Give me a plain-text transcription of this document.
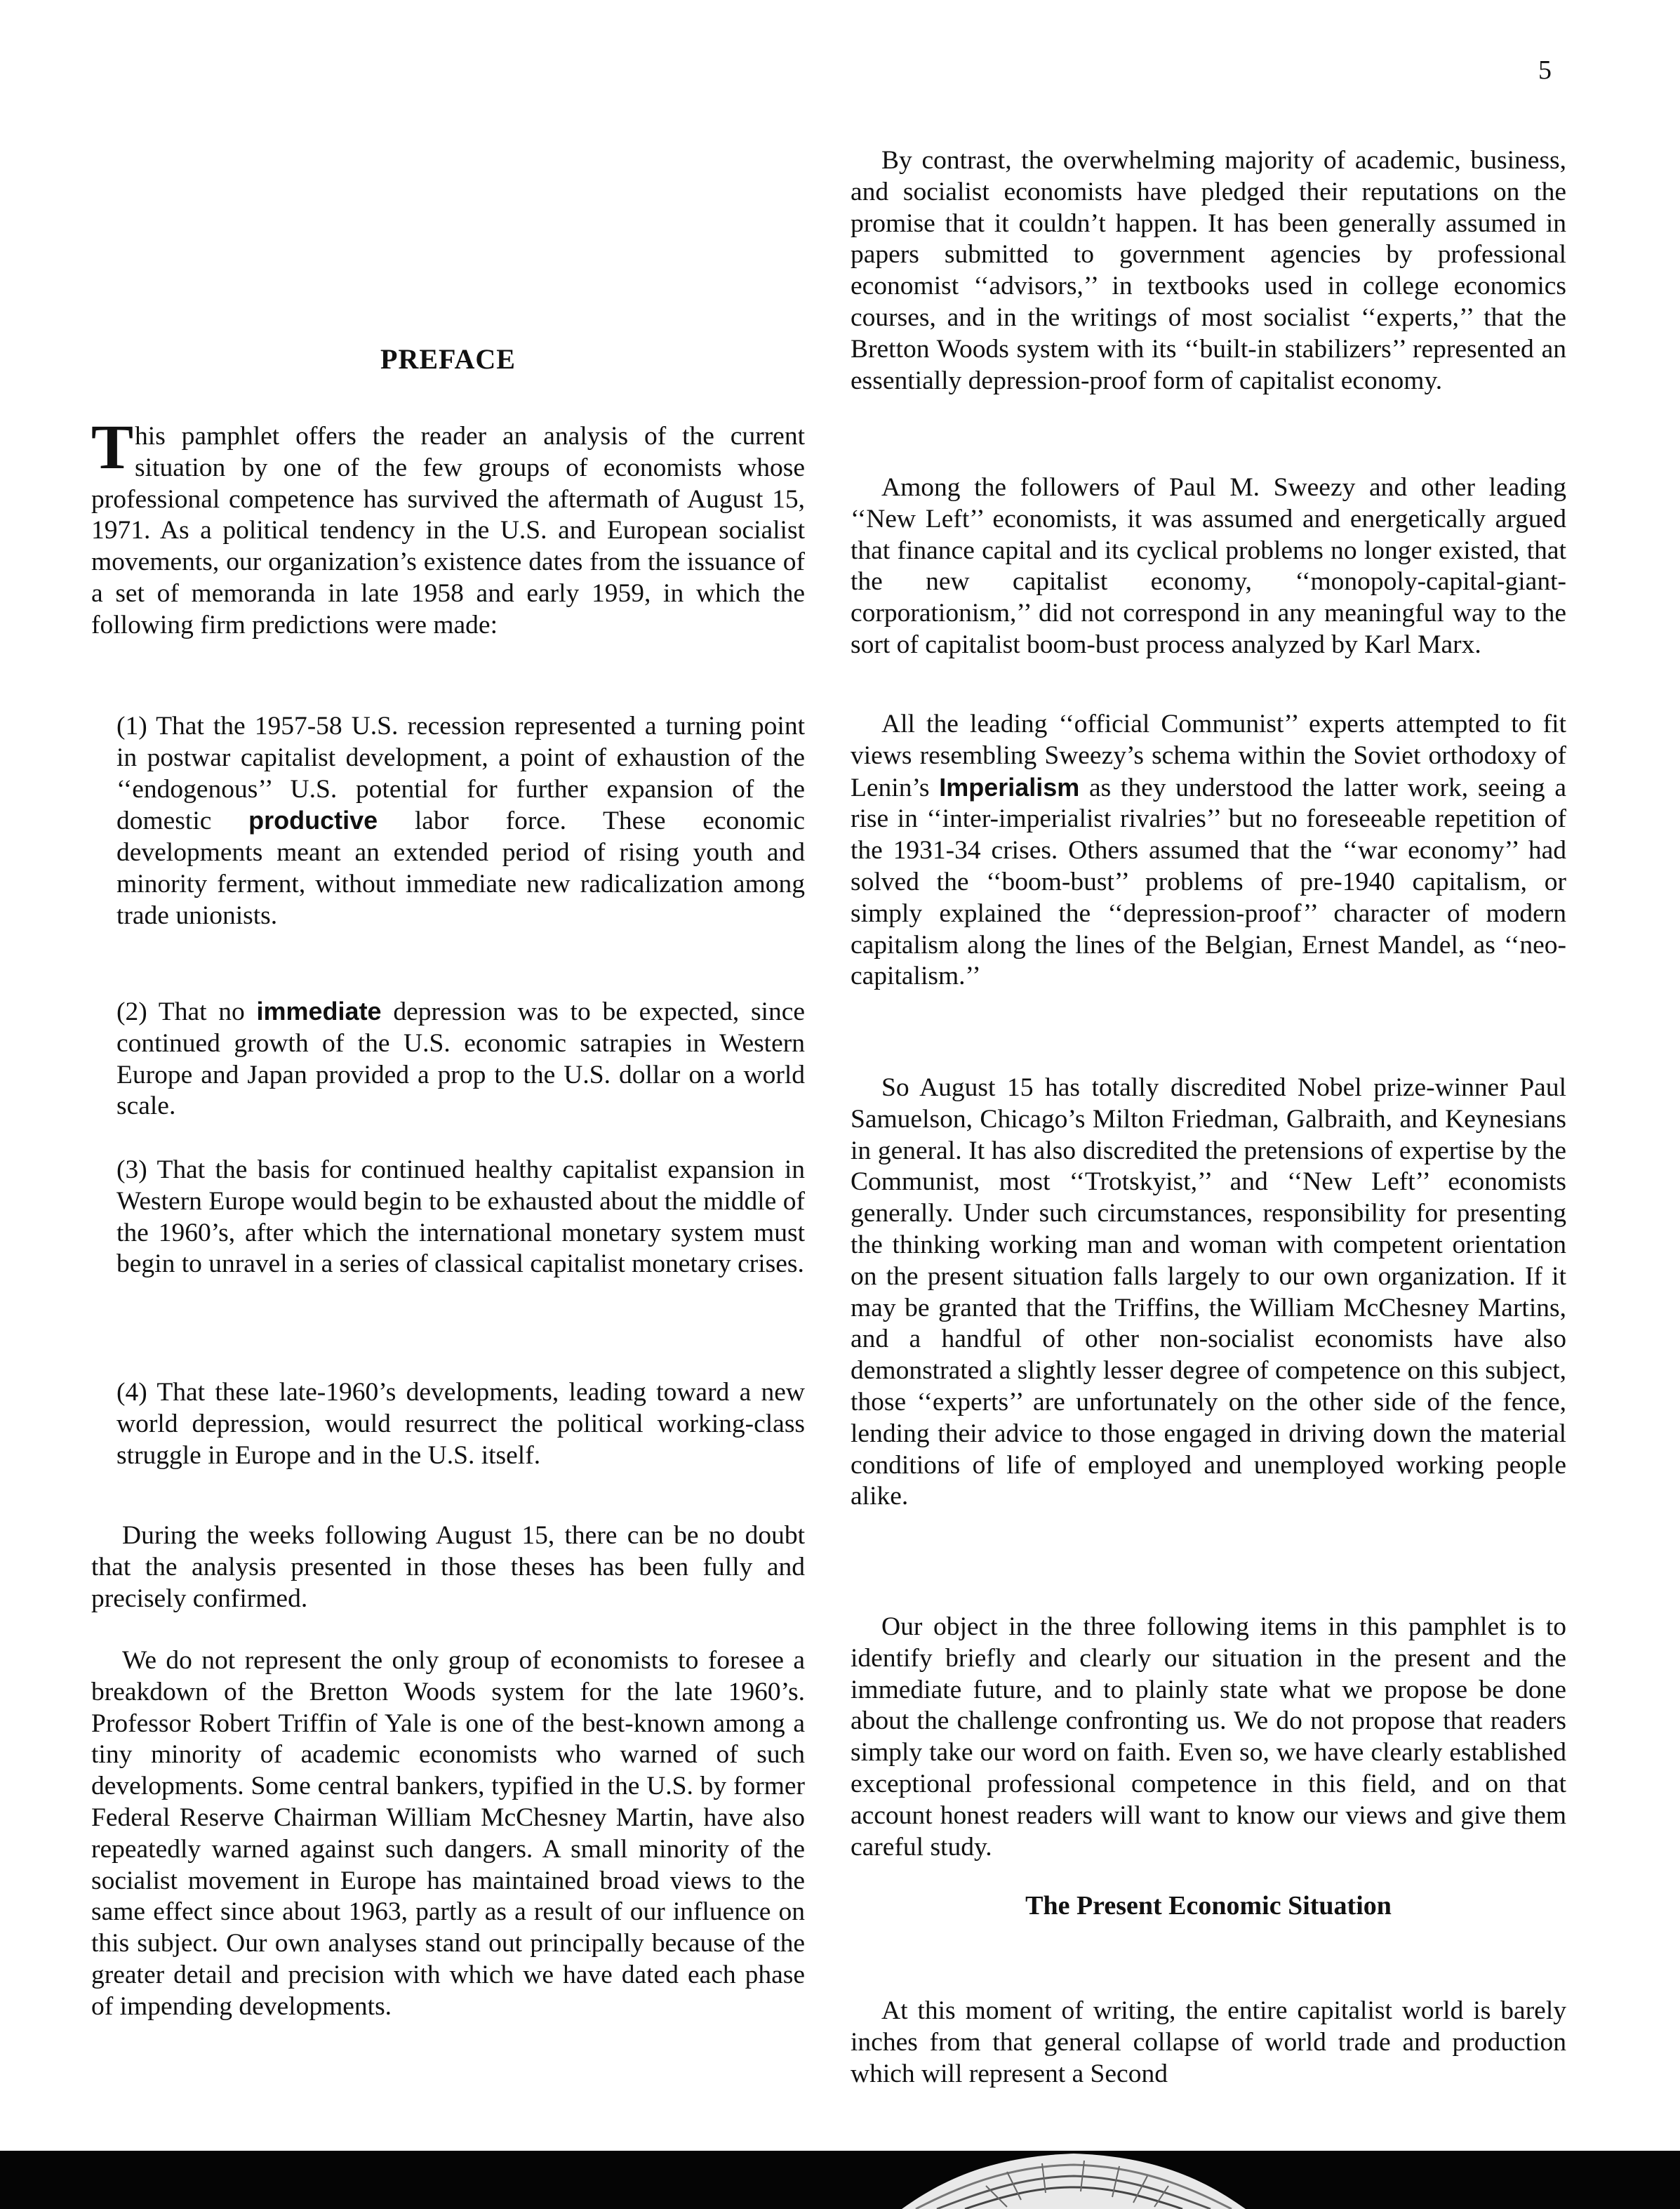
5
PREFACE

This pamphlet offers the reader an analysis of the current situation by one of the few groups of economists whose professional competence has survived the aftermath of August 15, 1971. As a political tendency in the U.S. and European socialist movements, our organization’s existence dates from the issuance of a set of memoranda in late 1958 and early 1959, in which the following firm predictions were made:

(1) That the 1957-58 U.S. recession represented a turning point in postwar capitalist development, a point of exhaustion of the ‘‘endogenous’’ U.S. potential for further expansion of the domestic productive labor force. These economic developments meant an extended period of rising youth and minority ferment, without immediate new radicalization among trade unionists.

(2) That no immediate depression was to be expected, since continued growth of the U.S. economic satrapies in Western Europe and Japan provided a prop to the U.S. dollar on a world scale.

(3) That the basis for continued healthy capitalist expansion in Western Europe would begin to be exhausted about the middle of the 1960’s, after which the international monetary system must begin to unravel in a series of classical capitalist monetary crises.

(4) That these late-1960’s developments, leading toward a new world depression, would resurrect the political working-class struggle in Europe and in the U.S. itself.

During the weeks following August 15, there can be no doubt that the analysis presented in those theses has been fully and precisely confirmed.

We do not represent the only group of economists to foresee a breakdown of the Bretton Woods system for the late 1960’s. Professor Robert Triffin of Yale is one of the best-known among a tiny minority of academic economists who warned of such developments. Some central bankers, typified in the U.S. by former Federal Reserve Chairman William McChesney Martin, have also repeatedly warned against such dangers. A small minority of the socialist movement in Europe has maintained broad views to the same effect since about 1963, partly as a result of our influence on this subject. Our own analyses stand out principally because of the greater detail and precision with which we have dated each phase of impending developments.

By contrast, the overwhelming majority of academic, business, and socialist economists have pledged their reputations on the promise that it couldn’t happen. It has been generally assumed in papers submitted to government agencies by professional economist ‘‘advisors,’’ in textbooks used in college economics courses, and in the writings of most socialist ‘‘experts,’’ that the Bretton Woods system with its ‘‘built-in stabilizers’’ represented an essentially depression-proof form of capitalist economy.

Among the followers of Paul M. Sweezy and other leading ‘‘New Left’’ economists, it was assumed and energetically argued that finance capital and its cyclical problems no longer existed, that the new capitalist economy, ‘‘monopoly-capital-giant-corporationism,’’ did not correspond in any meaningful way to the sort of capitalist boom-bust process analyzed by Karl Marx.

All the leading ‘‘official Communist’’ experts attempted to fit views resembling Sweezy’s schema within the Soviet orthodoxy of Lenin’s Imperialism as they understood the latter work, seeing a rise in ‘‘inter-imperialist rivalries’’ but no foreseeable repetition of the 1931-34 crises. Others assumed that the ‘‘war economy’’ had solved the ‘‘boom-bust’’ problems of pre-1940 capitalism, or simply explained the ‘‘depression-proof’’ character of modern capitalism along the lines of the Belgian, Ernest Mandel, as ‘‘neo-capitalism.’’

So August 15 has totally discredited Nobel prize-winner Paul Samuelson, Chicago’s Milton Friedman, Galbraith, and Keynesians in general. It has also discredited the pretensions of expertise by the Communist, most ‘‘Trotskyist,’’ and ‘‘New Left’’ economists generally. Under such circumstances, responsibility for presenting the thinking working man and woman with competent orientation on the present situation falls largely to our own organization. If it may be granted that the Triffins, the William McChesney Martins, and a handful of other non-socialist economists have also demonstrated a slightly lesser degree of competence on this subject, those ‘‘experts’’ are unfortunately on the other side of the fence, lending their advice to those engaged in driving down the material conditions of life of employed and unemployed working people alike.

Our object in the three following items in this pamphlet is to identify briefly and clearly our situation in the present and the immediate future, and to plainly state what we propose be done about the challenge confronting us. We do not propose that readers simply take our word on faith. Even so, we have clearly established exceptional professional competence in this field, and on that account honest readers will want to know our views and give them careful study.

At this moment of writing, the entire capitalist world is barely inches from that general collapse of world trade and production which will represent a Second

The Present Economic Situation
